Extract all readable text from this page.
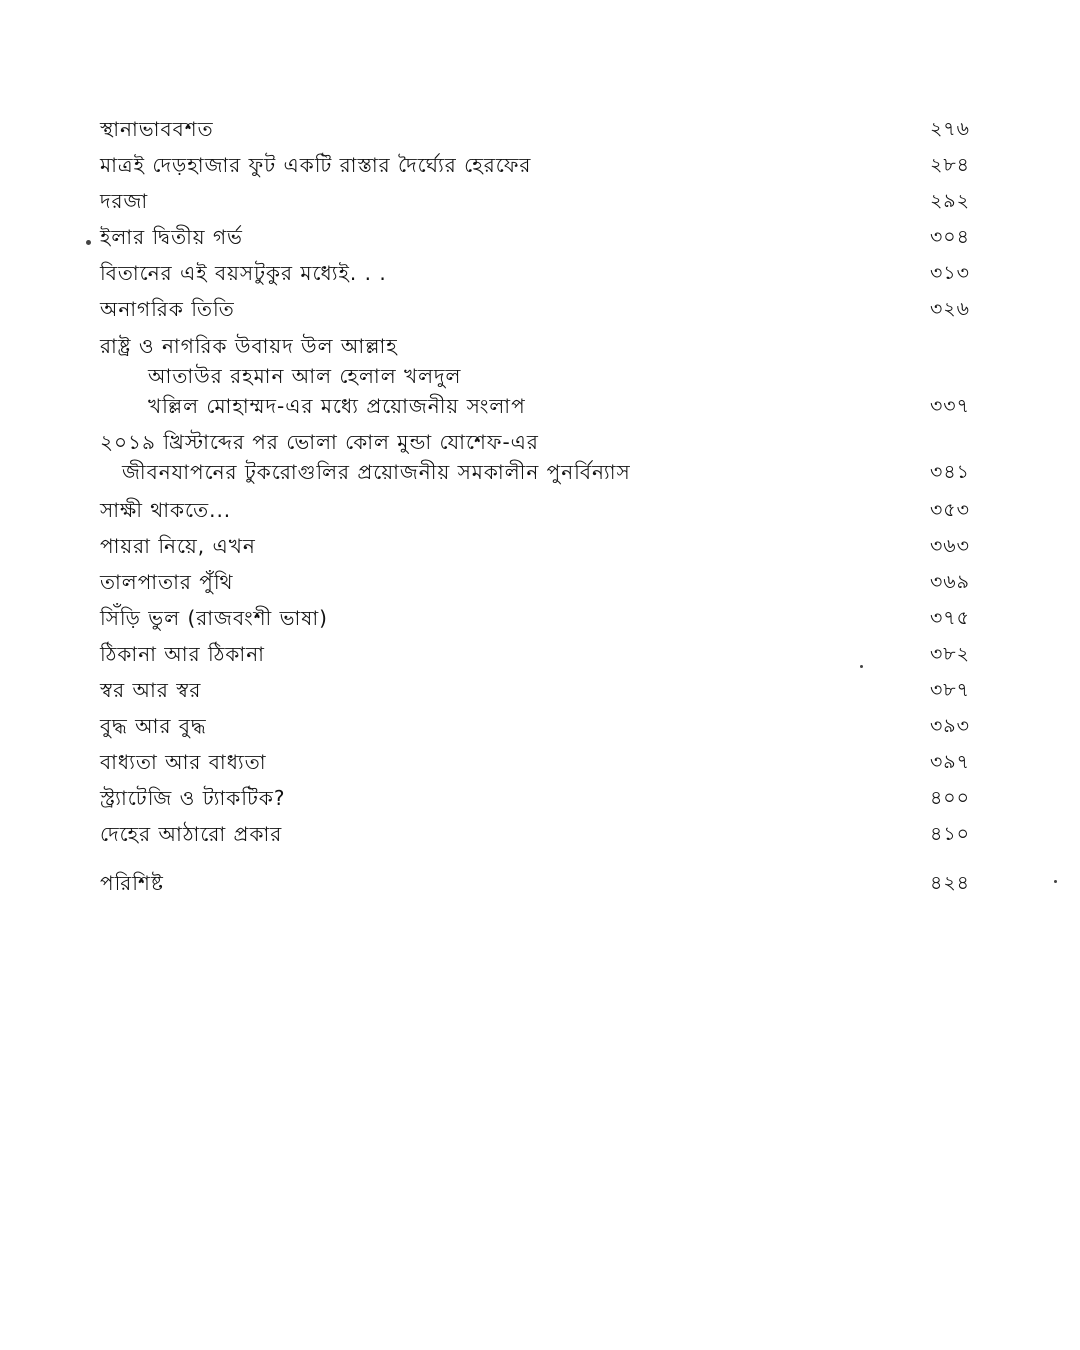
স্থানাভাববশত	২৭৬
মাত্রই দেড়হাজার ফুট একটি রাস্তার দৈর্ঘ্যের হেরফের	২৮৪
দরজা	২৯২
ইলার দ্বিতীয় গর্ভ	৩০৪
বিতানের এই বয়সটুকুর মধ্যেই. . .	৩১৩
অনাগরিক তিতি	৩২৬
রাষ্ট্র ও নাগরিক উবায়দ উল আল্লাহ
আতাউর রহমান আল হেলাল খলদুল
খল্লিল মোহাম্মদ-এর মধ্যে প্রয়োজনীয় সংলাপ	৩৩৭
২০১৯ খ্রিস্টাব্দের পর ভোলা কোল মুন্ডা যোশেফ-এর
জীবনযাপনের টুকরোগুলির প্রয়োজনীয় সমকালীন পুনর্বিন্যাস	৩৪১
সাক্ষী থাকতে...	৩৫৩
পায়রা নিয়ে, এখন	৩৬৩
তালপাতার পুঁথি	৩৬৯
সিঁড়ি ভুল (রাজবংশী ভাষা)	৩৭৫
ঠিকানা আর ঠিকানা	৩৮২
স্বর আর স্বর	৩৮৭
বুদ্ধ আর বুদ্ধ	৩৯৩
বাধ্যতা আর বাধ্যতা	৩৯৭
স্ট্র্যাটেজি ও ট্যাকটিক?	৪০০
দেহের আঠারো প্রকার	৪১০
পরিশিষ্ট	৪২৪
